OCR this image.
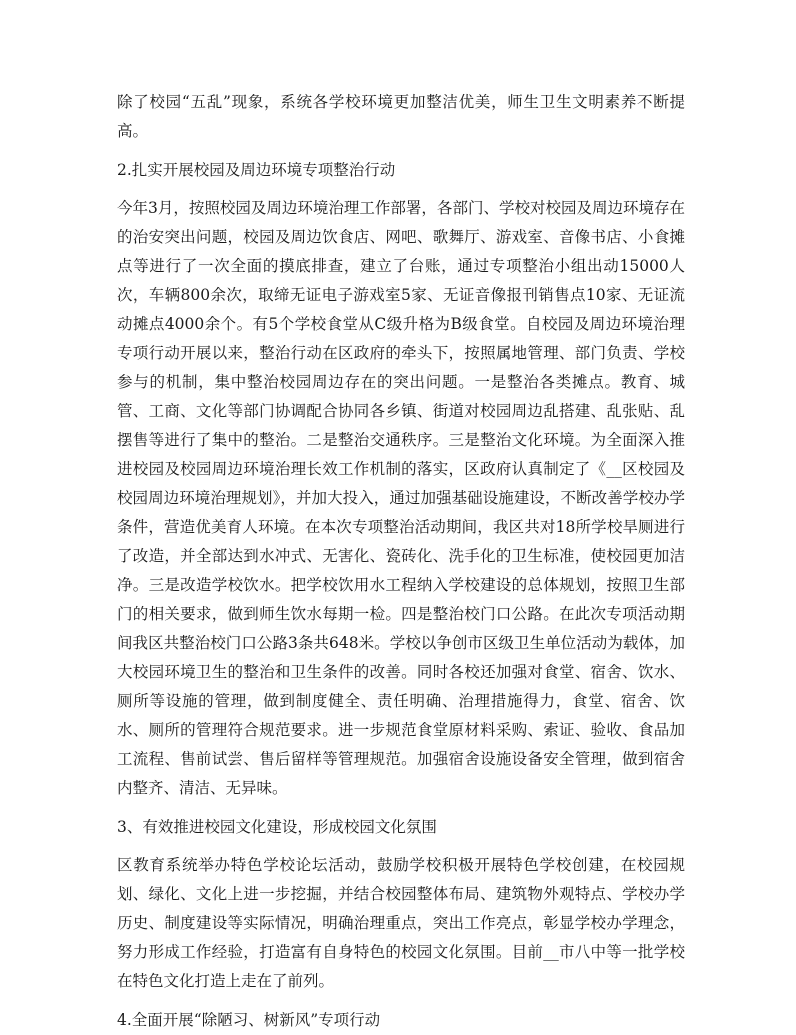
除了校园“五乱”现象，系统各学校环境更加整洁优美，师生卫生文明素养不断提高。

2.扎实开展校园及周边环境专项整治行动

今年3月，按照校园及周边环境治理工作部署，各部门、学校对校园及周边环境存在的治安突出问题，校园及周边饮食店、网吧、歌舞厅、游戏室、音像书店、小食摊点等进行了一次全面的摸底排查，建立了台账，通过专项整治小组出动15000人次，车辆800余次，取缔无证电子游戏室5家、无证音像报刊销售点10家、无证流动摊点4000余个。有5个学校食堂从C级升格为B级食堂。自校园及周边环境治理专项行动开展以来，整治行动在区政府的牵头下，按照属地管理、部门负责、学校参与的机制，集中整治校园周边存在的突出问题。一是整治各类摊点。教育、城管、工商、文化等部门协调配合协同各乡镇、街道对校园周边乱搭建、乱张贴、乱摆售等进行了集中的整治。二是整治交通秩序。三是整治文化环境。为全面深入推进校园及校园周边环境治理长效工作机制的落实，区政府认真制定了《__区校园及校园周边环境治理规划》，并加大投入，通过加强基础设施建设，不断改善学校办学条件，营造优美育人环境。在本次专项整治活动期间，我区共对18所学校旱厕进行了改造，并全部达到水冲式、无害化、瓷砖化、洗手化的卫生标准，使校园更加洁净。三是改造学校饮水。把学校饮用水工程纳入学校建设的总体规划，按照卫生部门的相关要求，做到师生饮水每期一检。四是整治校门口公路。在此次专项活动期间我区共整治校门口公路3条共648米。学校以争创市区级卫生单位活动为载体，加大校园环境卫生的整治和卫生条件的改善。同时各校还加强对食堂、宿舍、饮水、厕所等设施的管理，做到制度健全、责任明确、治理措施得力，食堂、宿舍、饮水、厕所的管理符合规范要求。进一步规范食堂原材料采购、索证、验收、食品加工流程、售前试尝、售后留样等管理规范。加强宿舍设施设备安全管理，做到宿舍内整齐、清洁、无异味。

3、有效推进校园文化建设，形成校园文化氛围

区教育系统举办特色学校论坛活动，鼓励学校积极开展特色学校创建，在校园规划、绿化、文化上进一步挖掘，并结合校园整体布局、建筑物外观特点、学校办学历史、制度建设等实际情况，明确治理重点，突出工作亮点，彰显学校办学理念，努力形成工作经验，打造富有自身特色的校园文化氛围。目前__市八中等一批学校在特色文化打造上走在了前列。

4.全面开展“除陋习、树新风”专项行动
